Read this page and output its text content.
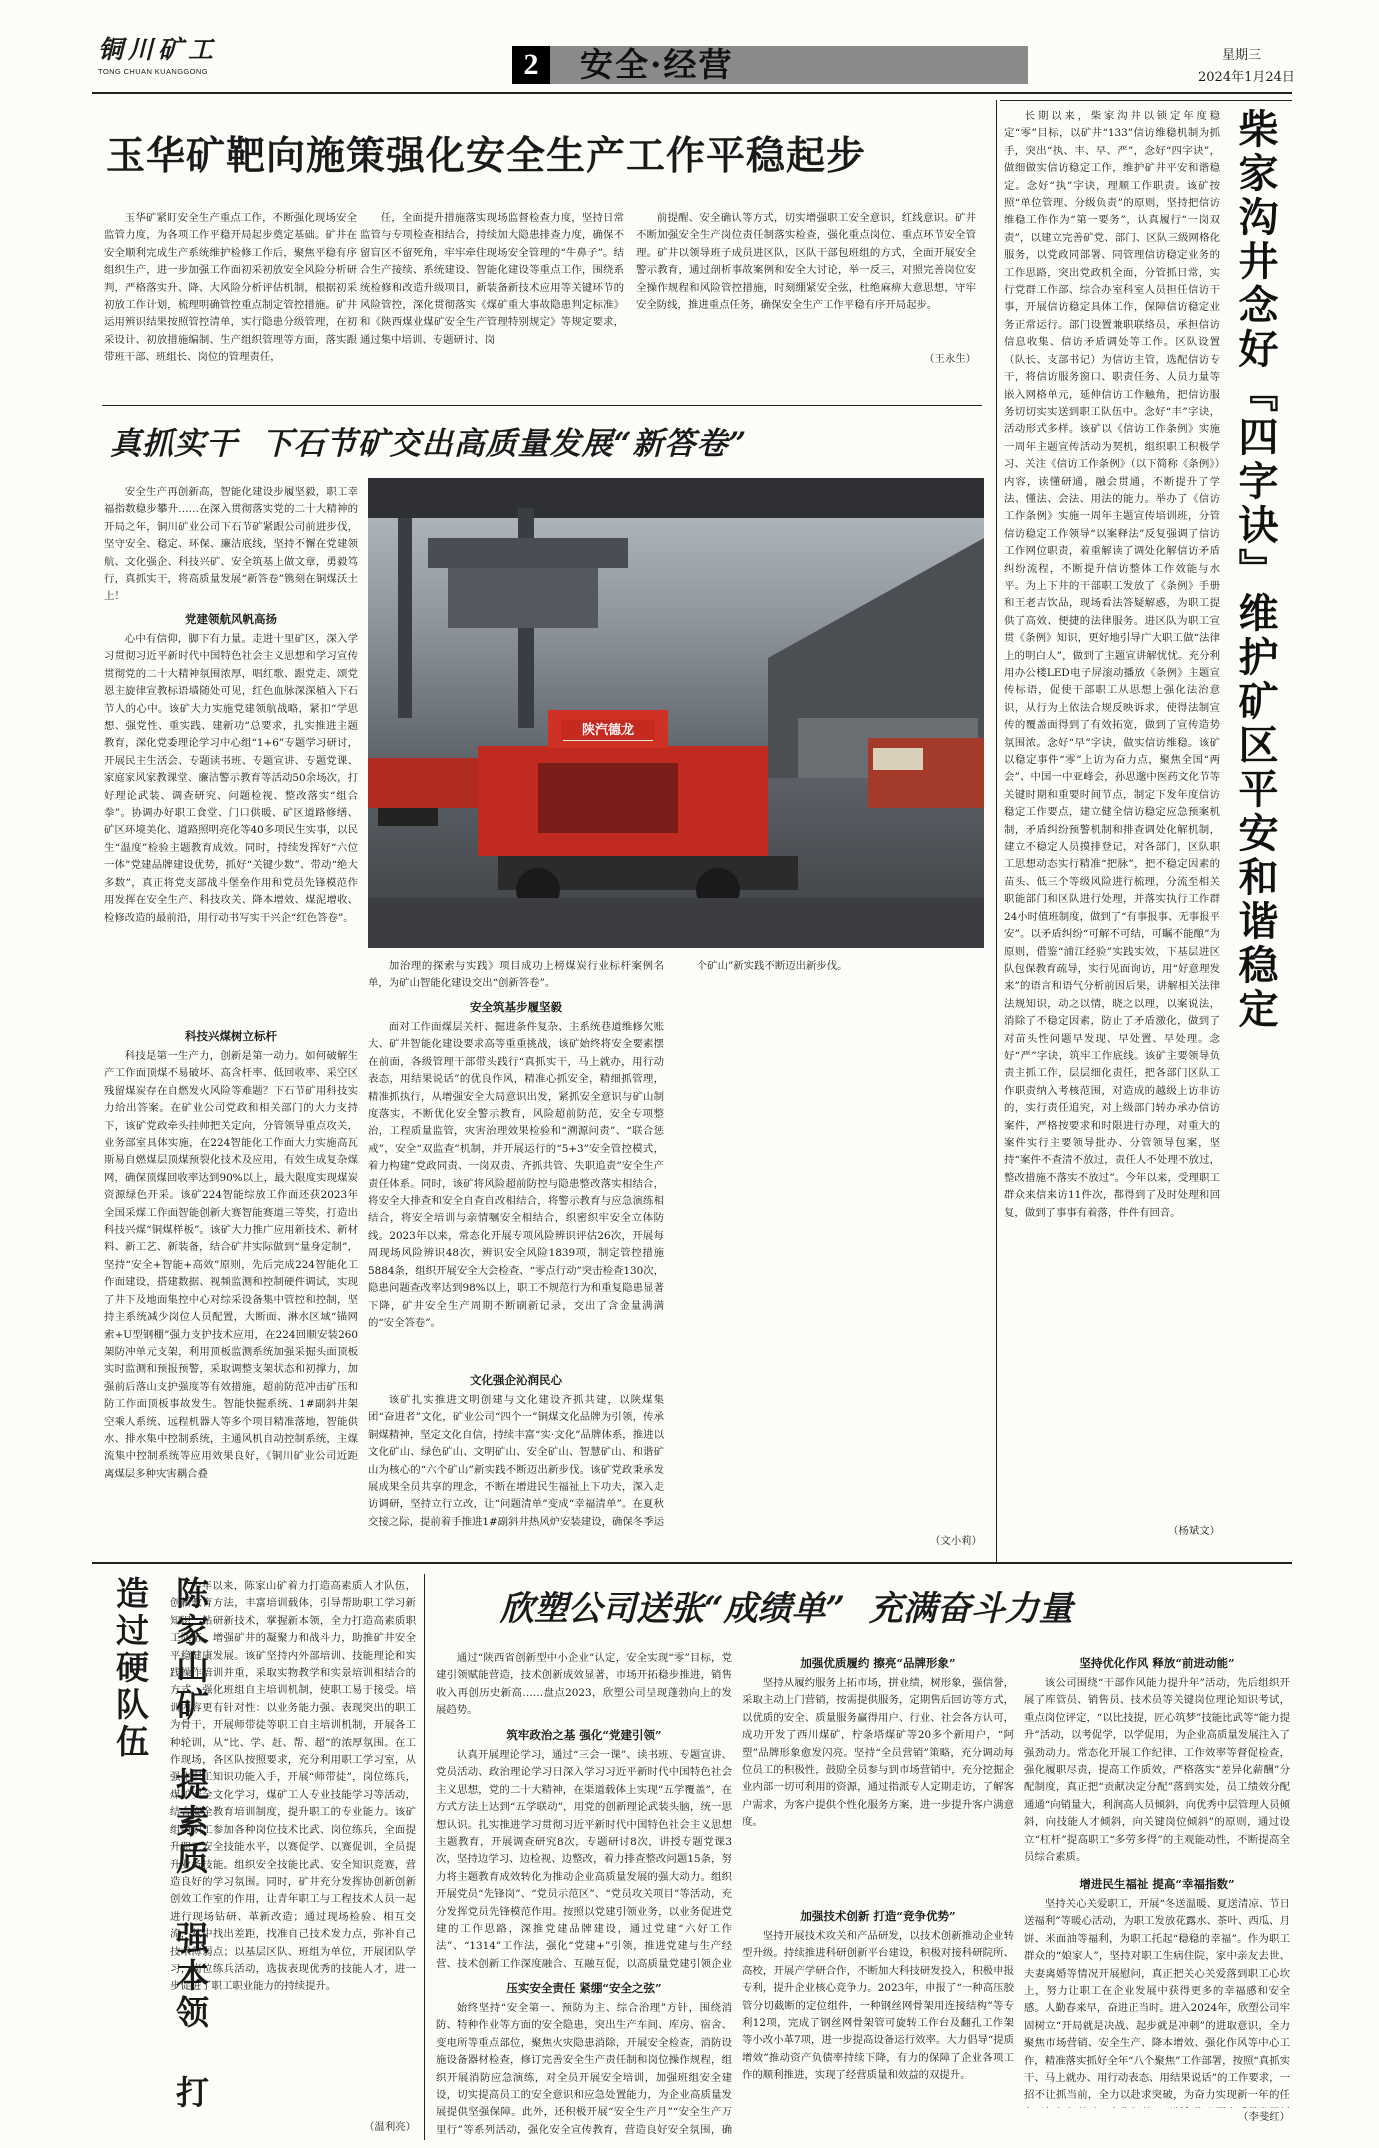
铜川矿工
TONG CHUAN KUANGGONG	2	安全·经营	星期三
2024年1月24日
玉华矿靶向施策强化安全生产工作平稳起步
玉华矿紧盯安全生产重点工作，不断强化现场安全监管力度，为各项工作平稳开局起步奠定基础。矿井在安全顺利完成生产系统维护检修工作后，聚焦平稳有序组织生产，进一步加强工作面初采初放安全风险分析研判，严格落实升、降、大风险分析评估机制，根据初采初放工作计划，梳理明确管控重点制定管控措施。矿井运用辨识结果按照管控清单，实行隐患分级管理，在初采设计、初放措施编制、生产组织管理等方面，落实跟带班干部、班组长、岗位的管理责任，
任，全面提升措施落实现场监督检查力度，坚持日常监管与专项检查相结合，持续加大隐患排查力度，确保不留盲区不留死角，牢牢牵住现场安全管理的“牛鼻子”。结合生产接续、系统建设、智能化建设等重点工作，围绕系统检修和改造升级项目，新装备新技术应用等关键环节的风险管控，深化贯彻落实《煤矿重大事故隐患判定标准》和《陕西煤业煤矿安全生产管理特别规定》等规定要求，通过集中培训、专题研讨、岗
前提醒、安全确认等方式，切实增强职工安全意识，红线意识。矿井不断加强安全生产岗位责任制落实检查，强化重点岗位、重点环节安全管理。矿井以领导班子成员进区队，区队干部包班组的方式，全面开展安全警示教育，通过剖析事故案例和安全大讨论，举一反三，对照完善岗位安全操作规程和风险管控措施，时刻绷紧安全弦，杜绝麻痹大意思想，守牢安全防线，推进重点任务，确保安全生产工作平稳有序开局起步。
（王永生）
真抓实干  下石节矿交出高质量发展“新答卷”
陕汽德龙
安全生产再创新高，智能化建设步履坚毅，职工幸福指数稳步攀升……在深入贯彻落实党的二十大精神的开局之年，铜川矿业公司下石节矿紧跟公司前进步伐，坚守安全、稳定、环保、廉洁底线，坚持不懈在党建领航、文化强企、科技兴矿、安全筑基上做文章，勇毅笃行，真抓实干，将高质量发展“新答卷”镌刻在铜煤沃土上！
党建领航风帆高扬
心中有信仰，脚下有力量。走进十里矿区，深入学习贯彻习近平新时代中国特色社会主义思想和学习宣传贯彻党的二十大精神氛围浓厚，唱红歌、跟党走、颂党恩主旋律宣教标语墙随处可见，红色血脉深深植入下石节人的心中。该矿大力实施党建领航战略，紧扣“学思想、强党性、重实践、建新功”总要求，扎实推进主题教育，深化党委理论学习中心组“1+6”专题学习研讨，开展民主生活会、专题读书班、专题宣讲、专题党课、家庭家风家教课堂、廉洁警示教育等活动50余场次，打好理论武装、调查研究、问题检视、整改落实“组合拳”。协调办好职工食堂、门口供暖、矿区道路修缮、矿区环境美化、道路照明亮化等40多项民生实事，以民生“温度”检验主题教育成效。同时，持续发挥好“六位一体”党建品牌建设优势，抓好“关键少数”、带动“绝大多数”，真正将党支部战斗堡垒作用和党员先锋模范作用发挥在安全生产、科技攻关、降本增效、煤泥增收、检修改造的最前沿，用行动书写实干兴企“红色答卷”。
科技兴煤树立标杆
科技是第一生产力，创新是第一动力。如何破解生产工作面顶煤不易破坏、高含杆率、低回收率、采空区残留煤炭存在自燃发火风险等难题？下石节矿用科技实力给出答案。在矿业公司党政和相关部门的大力支持下，该矿党政牵头挂帅把关定向，分管领导重点攻关，业务部室具体实施，在224智能化工作面大力实施高瓦斯易自燃煤层顶煤预裂化技术及应用，有效生成复杂煤网，确保顶煤回收率达到90%以上，最大限度实现煤炭资源绿色开采。该矿224智能综放工作面还获2023年全国采煤工作面智能创新大赛智能赛道三等奖，打造出科技兴煤“铜煤样板”。该矿大力推广应用新技术、新材料、新工艺、新装备，结合矿井实际做到“量身定制”，坚持“安全+智能+高效”原则，先后完成224智能化工作面建设，搭建数据、视频监测和控制硬件调试，实现了井下及地面集控中心对综采设备集中管控和控制，坚持主系统减少岗位人员配置，大断面、淋水区域“锚网索+U型钢棚”强力支护技术应用，在224回顺安装260架防冲单元支架，利用顶板监测系统加强采掘头面顶板实时监测和预报预警，采取调整支架状态和初撑力，加强前后落山支护强度等有效措施，超前防范冲击矿压和防工作面顶板事故发生。智能快掘系统、1#副斜井架空乘人系统、远程机器人等多个项目精准落地，智能供水、排水集中控制系统，主通风机自动控制系统，主煤流集中控制系统等应用效果良好，《铜川矿业公司近距离煤层多种灾害耦合叠
加治理的探索与实践》项目成功上榜煤炭行业标杆案例名单，为矿山智能化建设交出“创新答卷”。
安全筑基步履坚毅
面对工作面煤层关杆、掘进条件复杂、主系统巷道维修欠账大、矿井智能化建设要求高等重重挑战，该矿始终将安全要素摆在前面，各级管理干部带头践行“真抓实干，马上就办，用行动表态，用结果说话”的优良作风，精准心抓安全，精细抓管理，精准抓执行，从增强安全大局意识出发，紧抓安全意识与矿山制度落实，不断优化安全警示教育，风险超前防范，安全专项整治，工程质量监管，灾害治理效果检验和“溯源问责”、“联合惩戒”，安全“双监查”机制，并开展运行的“5+3”安全管控模式，着力构建“党政同责、一岗双责、齐抓共管、失职追责”安全生产责任体系。同时，该矿将风险超前防控与隐患整改落实相结合，将安全大排查和安全自查自改相结合，将警示教育与应急演练相结合，将安全培训与亲情嘱安全相结合，织密织牢安全立体防线。2023年以来，常态化开展专项风险辨识评估26次，开展每周现场风险辨识48次，辨识安全风险1839项，制定管控措施5884条，组织开展安全大会检查、“零点行动”突击检查130次，隐患问题查改率达到98%以上，职工不规范行为和重复隐患显著下降，矿井安全生产周期不断刷新记录，交出了含金量满满的“安全答卷”。
文化强企沁润民心
该矿扎实推进文明创建与文化建设齐抓共建，以陕煤集团“奋进者”文化，矿业公司“四个一”铜煤文化品牌为引领，传承铜煤精神，坚定文化自信，持续丰富“实·文化”品牌体系，推进以文化矿山、绿色矿山、文明矿山、安全矿山、智慧矿山、和谐矿山为核心的“六个矿山”新实践不断迈出新步伐。该矿党政秉承发展成果全员共享的理念，不断在增进民生福祉上下功夫，深入走访调研，坚持立行立改，让“问题清单”变成“幸福清单”。在夏秋交接之际，提前着手推进1#副斜井热风炉安装建设，确保冬季运
个矿山”新实践不断迈出新步伐。
（文小莉）
柴家沟井念好『四字诀』维护矿区平安和谐稳定
长期以来，柴家沟井以锁定年度稳定“零”目标，以矿井“133”信访维稳机制为抓手，突出“执、丰、早、严”，念好“四字诀”，做细做实信访稳定工作，维护矿井平安和谐稳定。念好“执”字诀，理顺工作职责。该矿按照“单位管理、分级负责”的原则，坚持把信访维稳工作作为“第一要务”，认真履行“一岗双责”，以建立完善矿党、部门、区队三级网格化服务，以党政同部署、同管理信访稳定业务的工作思路，突出党政机全面，分管抓日常，实行党群工作部、综合办室科室人员担任信访干事，开展信访稳定具体工作，保障信访稳定业务正常运行。部门设置兼职联络员，承担信访信息收集、信访矛盾调处等工作。区队设置（队长、支部书记）为信访主管，选配信访专干，将信访服务窗口、职责任务、人员力量等嵌入网格单元，延伸信访工作触角，把信访服务切切实实送到职工队伍中。念好“丰”字诀，活动形式多样。该矿以《信访工作条例》实施一周年主题宣传活动为契机，组织职工积极学习、关注《信访工作条例》（以下简称《条例》）内容，读懂研通，融会贯通，不断提升了学法、懂法、会法、用法的能力。举办了《信访工作条例》实施一周年主题宣传培训班，分管信访稳定工作领导“以案释法”反复强调了信访工作网位职责，着重解读了调处化解信访矛盾纠纷流程，不断提升信访整体工作效能与水平。为上下井的干部职工发放了《条例》手册和王老吉饮品，现场看法答疑解惑，为职工提供了高效、便捷的法律服务。进区队为职工宣贯《条例》知识，更好地引导广大职工做“法律上的明白人”，做到了主题宣讲解忧忧。充分利用办公楼LED电子屏滚动播放《条例》主题宣传标语，促使干部职工从思想上强化法治意识，从行为上依法合规反映诉求，使得法制宣传的覆盖面得到了有效拓宽，做到了宣传造势氛围浓。念好“早”字诀，做实信访维稳。该矿以稳定事件“零”上访为奋力点，聚焦全国“两会”、中国一中亚峰会，孙思邈中医药文化节等关键时期和重要时间节点，制定下发年度信访稳定工作要点，建立健全信访稳定应急预案机制，矛盾纠纷预警机制和排查调处化解机制，建立不稳定人员摸排登记，对各部门，区队职工思想动态实行精准“把脉”，把不稳定因素的苗头、低三个等级风险进行梳理，分流至相关职能部门和区队进行处理，并落实执行工作群24小时值班制度，做到了“有事报事、无事报平安”。以矛盾纠纷“可解不可结，可瞩不能酿”为原则，借鉴“浦江经验”实践实效，下基层进区队包保教育疏导，实行见面询访，用“好意理发来”的语言和语气分析前因后果，讲解相关法律法规知识，动之以情，晓之以理，以案说法，消除了不稳定因素，防止了矛盾激化，做到了对苗头性问题早发现、早处置、早处理。念好“严”字诀，筑牢工作底线。该矿主要领导负责主抓工作，层层细化责任，把各部门区队工作职责纳入考核范围，对造成的越级上访非访的，实行责任追究，对上级部门转办承办信访案件，严格按要求和时限进行办理，对重大的案件实行主要领导批办、分管领导包案，坚持“案件不查清不放过，责任人不处理不放过，整改措施不落实不放过”。今年以来，受理职工群众来信来访11件次，都得到了及时处理和回复，做到了事事有着落，件件有回音。
（杨斌文）
陈家山矿 提素质 强本领 打造过硬队伍	今年以来，陈家山矿着力打造高素质人才队伍，创新教育方法，丰富培训载体，引导帮助职工学习新知识，钻研新技术，掌握新本领，全力打造高素质职工队伍，增强矿井的凝聚力和战斗力，助推矿井安全平稳健康发展。该矿坚持内外部培训、技能理论和实践操作培训并重，采取实物教学和实景培训相结合的方式，强化班组自主培训机制，使职工易于接受。培训内容更有针对性：以业务能力强、表现突出的职工为骨干，开展师带徒等职工自主培训机制，开展各工种轮训，从“比、学、赶、帮、超”的浓厚氛围。在工作现场，各区队按照要求，充分利用职工学习室，从强化职工知识功能入手，开展“师带徒”，岗位练兵，煤矿安全文化学习，煤矿工人专业技能学习等活动，结合安全教育培训制度，提升职工的专业能力。该矿组织职工参加各种岗位技术比武、岗位练兵，全面提升职工安全技能水平，以赛促学、以赛促训，全员提升业务技能。组织安全技能比武、安全知识竞赛，营造良好的学习氛围。同时，矿井充分发挥协创新创新创效工作室的作用，让青年职工与工程技术人员一起进行现场钻研、革新改造；通过现场检验、相互交流，从中找出差距，找准自己技术发力点，弥补自己技术薄弱点；以基层区队、班组为单位，开展团队学习，岗位练兵活动，选拔表现优秀的技能人才，进一步促进了职工职业能力的持续提升。
（温利亮）
欣塑公司送张“成绩单”  充满奋斗力量
通过“陕西省创新型中小企业”认定，安全实现“零”目标，党建引领赋能营造，技术创新成效显著，市场开拓稳步推进，销售收入再创历史新高……盘点2023，欣塑公司呈现蓬勃向上的发展趋势。
筑牢政治之基 强化“党建引领”
认真开展理论学习，通过“三会一课”、读书班、专题宣讲、党员活动、政治理论学习日深入学习习近平新时代中国特色社会主义思想，党的二十大精神，在渠道载体上实现“五学覆盖”，在方式方法上达到“五学联动”，用党的创新理论武装头脑，统一思想认识。扎实推进学习贯彻习近平新时代中国特色社会主义思想主题教育，开展调查研究8次，专题研讨8次，讲授专题党课3次，坚持边学习、边检视、边整改，着力排查整改问题15条，努力将主题教育成效转化为推动企业高质量发展的强大动力。组织开展党员“先锋岗”、“党员示范区”、“党员攻关项目”等活动，充分发挥党员先锋模范作用。按照以党建引领业务，以业务促进党建的工作思路，深推党建品牌建设，通过党建“六好工作法”、“1314”工作法，强化“党建+”引领，推进党建与生产经营、技术创新工作深度融合、互融互促，以高质量党建引领企业
压实安全责任 紧绷“安全之弦”
始终坚持“安全第一、预防为主、综合治理”方针，围绕消防、特种作业等方面的安全隐患，突出生产车间、库房、宿舍、变电所等重点部位，聚焦火灾隐患消除，开展安全检查，消防设施设备器材检查，修订完善安全生产责任制和岗位操作规程，组织开展消防应急演练，对全员开展安全培训，加强班组安全建设，切实提高员工的安全意识和应急处置能力，为企业高质量发展提供坚强保障。此外，还积极开展“安全生产月”“安全生产万里行”等系列活动，强化安全宣传教育，营造良好安全氛围，确
加强优质履约 擦亮“品牌形象”
坚持从履约服务上拓市场，拼业绩，树形象，强信誉，采取主动上门营销，按需提供服务，定期售后回访等方式，以优质的安全、质量服务赢得用户、行业、社会各方认可，成功开发了西川煤矿，柠条塔煤矿等20多个新用户，“阿塑”品牌形象愈发闪亮。坚持“全员营销”策略，充分调动每位员工的积极性，鼓励全员参与到市场营销中，充分挖掘企业内部一切可利用的资源，通过指派专人定期走访，了解客户需求，为客户提供个性化服务方案，进一步提升客户满意度。
加强技术创新 打造“竞争优势”
坚持开展技术攻关和产品研发，以技术创新推动企业转型升级。持续推进科研创新平台建设，积极对接科研院所、高校，开展产学研合作，不断加大科技研发投入，积极申报专利，提升企业核心竞争力。2023年，申报了“一种高压胶管分切截断的定位组件，一种钢丝网骨架用连接结构”等专利12项，完成了钢丝网骨架管可旋转工作台及翻孔工作架等小改小革7项，进一步提高设备运行效率。大力倡导“提质增效”推动资产负债率持续下降，有力的保障了企业各项工作的顺利推进，实现了经营质量和效益的双提升。
坚持优化作风 释放“前进动能”
该公司围绕“干部作风能力提升年”活动，先后组织开展了库管员、销售员、技术员等关键岗位理论知识考试，重点岗位评定，“以比技提，匠心筑梦”技能比武等“能力提升”活动，以考促学，以学促用，为企业高质量发展注入了强劲动力。常态化开展工作纪律、工作效率等督促检查，强化履职尽责，提高工作质效，严格落实“差异化薪酬”分配制度，真正把“贡献决定分配”落到实处，员工绩效分配通通“向销量大，利润高人员倾斜，向优秀中层管理人员倾斜，向技能人才倾斜，向关键岗位倾斜”的原则，通过设立“杠杆”提高职工“多劳多得”的主观能动性，不断提高全员综合素质。
增进民生福祉 提高“幸福指数”
坚持关心关爱职工，开展“冬送温暖、夏送清凉、节日送福利”等暖心活动，为职工发放花露水、茶叶、西瓜、月饼、米面油等福利，为职工托起“稳稳的幸福”。作为职工群众的“娘家人”，坚持对职工生病住院，家中亲友去世、夫妻离婚等情况开展慰问，真正把关心关爱落到职工心坎上，努力让职工在企业发展中获得更多的幸福感和安全感。人勤春来早，奋进正当时。进入2024年，欣塑公司牢固树立“开局就是决战、起步就是冲刺”的进取意识，全力聚焦市场营销、安全生产、降本增效、强化作风等中心工作，精准落实抓好全年“八个聚焦”工作部署，按照“真抓实干、马上就办、用行动表态、用结果说话”的工作要求，一招不让抓当前，全力以赴求突破，为奋力实现新一年的任
（李斐红）
